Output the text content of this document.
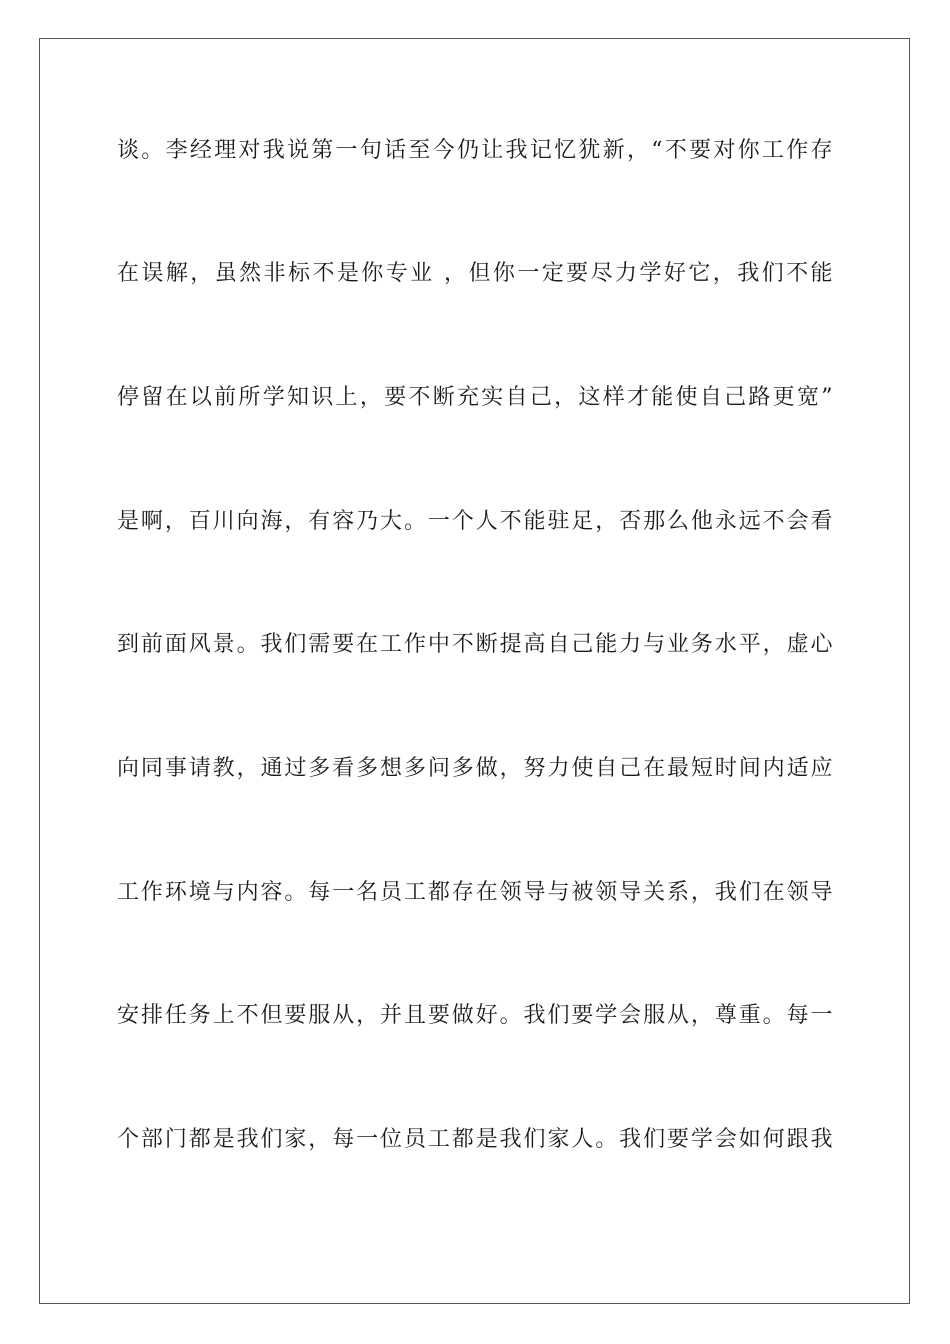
谈。李经理对我说第一句话至今仍让我记忆犹新，“不要对你工作存
在误解，虽然非标不是你专业 ，但你一定要尽力学好它，我们不能
停留在以前所学知识上，要不断充实自己，这样才能使自己路更宽”
是啊，百川向海，有容乃大。一个人不能驻足，否那么他永远不会看
到前面风景。我们需要在工作中不断提高自己能力与业务水平，虚心
向同事请教，通过多看多想多问多做，努力使自己在最短时间内适应
工作环境与内容。每一名员工都存在领导与被领导关系，我们在领导
安排任务上不但要服从，并且要做好。我们要学会服从，尊重。每一
个部门都是我们家，每一位员工都是我们家人。我们要学会如何跟我
